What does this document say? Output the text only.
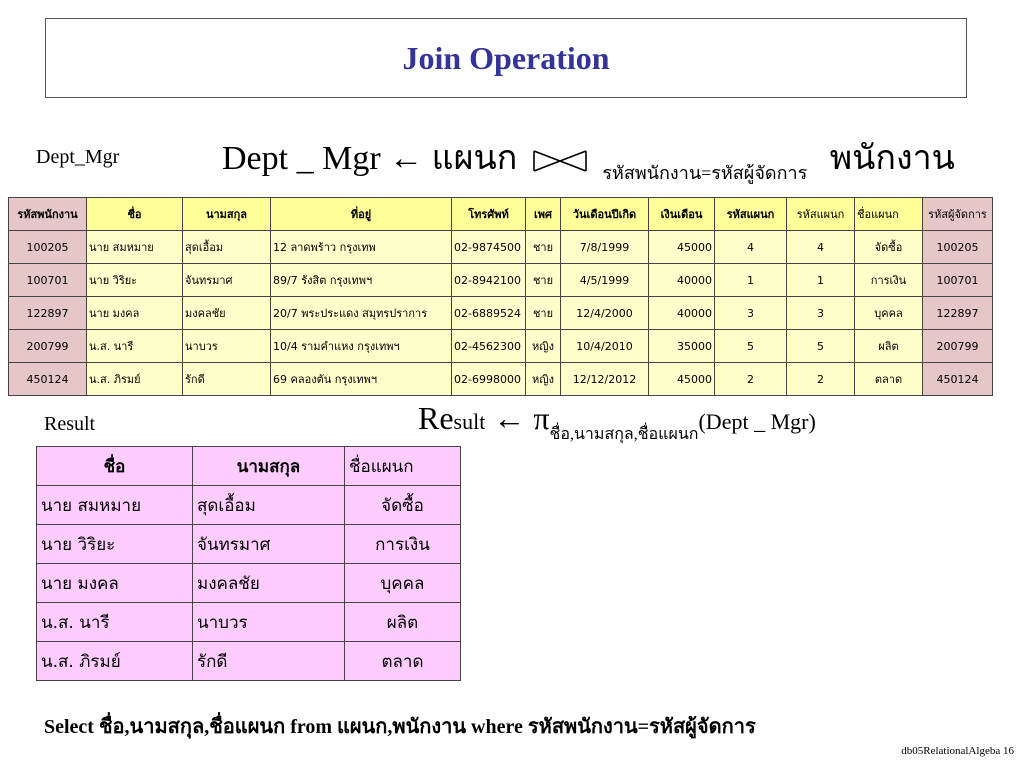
Join Operation
Dept_Mgr	Dept _ Mgr ← แผนก	$_{รหัสพนักงาน=รหัสผู้จัดการ}$ พนักงาน
รหัสพนักงาน	ชื่อ	นามสกุล	ที่อยู่	โทรศัพท์	เพศ	วันเดือนปีเกิด	เงินเดือน	รหัสแผนก	รหัสแผนก	ชื่อแผนก	รหัสผู้จัดการ
100205	นาย สมหมาย	สุดเอื้อม	12 ลาดพร้าว กรุงเทพ	02-9874500	ชาย	7/8/1999	45000	4	4	จัดซื้อ	100205
100701	นาย วิริยะ	จันทรมาศ	89/7 รังสิต กรุงเทพฯ	02-8942100	ชาย	4/5/1999	40000	1	1	การเงิน	100701
122897	นาย มงคล	มงคลชัย	20/7 พระประแดง สมุทรปราการ	02-6889524	ชาย	12/4/2000	40000	3	3	บุคคล	122897
200799	น.ส. นารี	นาบวร	10/4 รามคำแหง กรุงเทพฯ	02-4562300	หญิง	10/4/2010	35000	5	5	ผลิต	200799
450124	น.ส. ภิรมย์	รักดี	69 คลองตัน กรุงเทพฯ	02-6998000	หญิง	12/12/2012	45000	2	2	ตลาด	450124
Result	Result ← $\pi_{ชื่อ,นามสกุล,ชื่อแผนก}(Dept$ _ Mgr)
ชื่อ	นามสกุล	ชื่อแผนก
นาย สมหมาย	สุดเอื้อม	จัดซื้อ
นาย วิริยะ	จันทรมาศ	การเงิน
นาย มงคล	มงคลชัย	บุคคล
น.ส. นารี	นาบวร	ผลิต
น.ส. ภิรมย์	รักดี	ตลาด
Select ชื่อ,นามสกุล,ชื่อแผนก from แผนก,พนักงาน where รหัสพนักงาน=รหัสผู้จัดการ
db05RelationalAlgeba 16
